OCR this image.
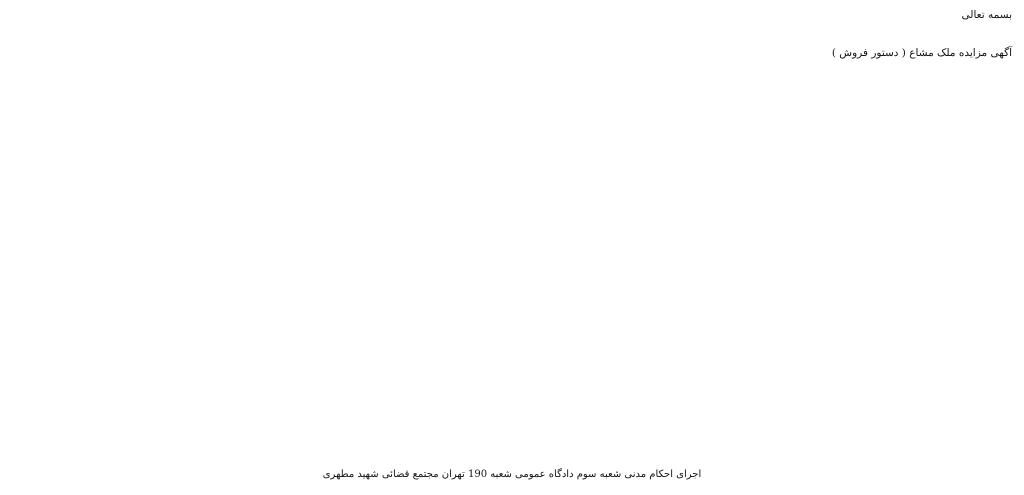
بسمه تعالی
آگهی مزایده ملک مشاع ( دستور فروش )

اجرای احکام مدنی شعبه سوم دادگاه عمومی شعبه 190 تهران مجتمع قضائی شهید مطهری
